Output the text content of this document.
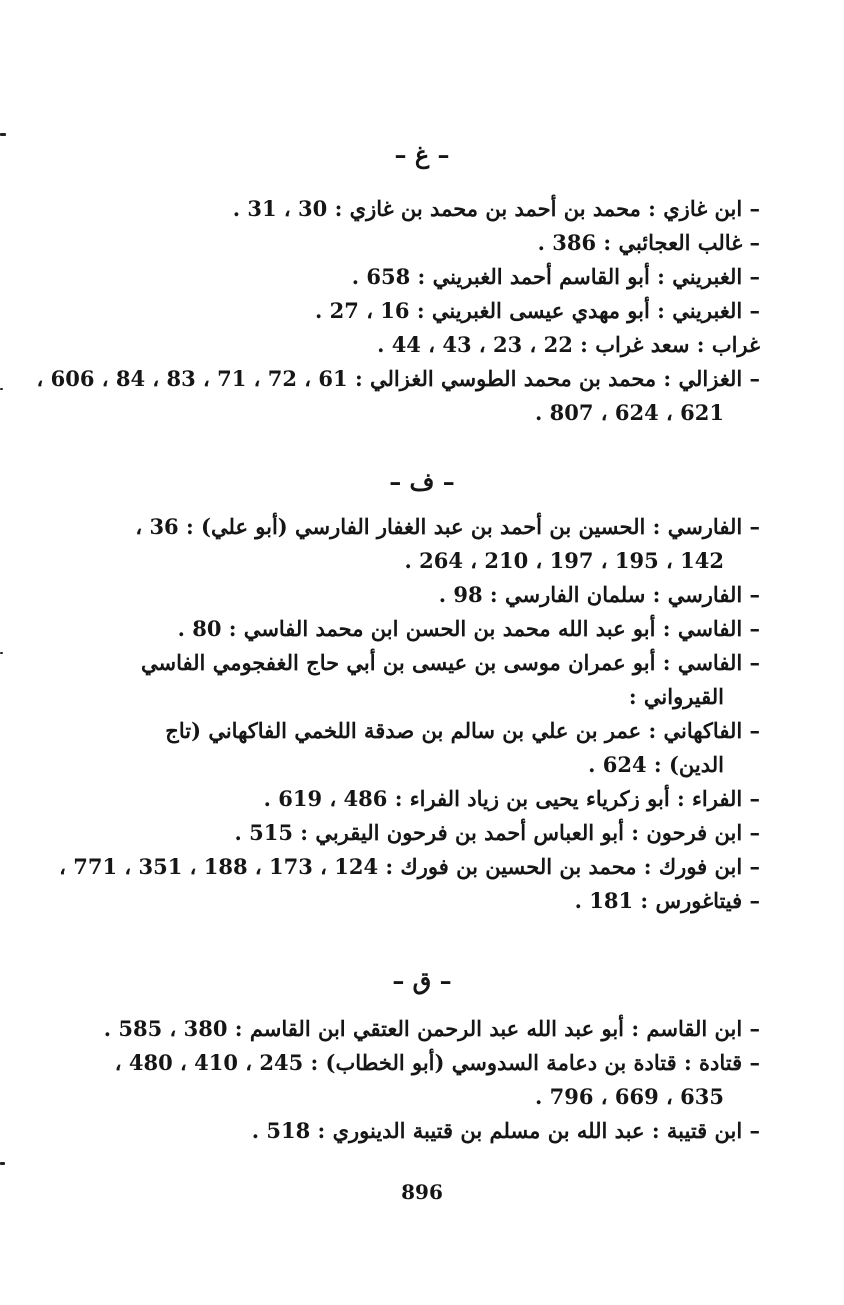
– غ –
– ابن غازي : محمد بن أحمد بن محمد بن غازي : 30 ، 31 .
– غالب العجائبي : 386 .
– الغبريني : أبو القاسم أحمد الغبريني : 658 .
– الغبريني : أبو مهدي عيسى الغبريني : 16 ، 27 .
غراب : سعد غراب : 22 ، 23 ، 43 ، 44 .
– الغزالي : محمد بن محمد الطوسي الغزالي : 61 ، 72 ، 71 ، 83 ، 84 ، 606 ،
621 ، 624 ، 807 .
– ف –
– الفارسي : الحسين بن أحمد بن عبد الغفار الفارسي (أبو علي) : 36 ،
142 ، 195 ، 197 ، 210 ، 264 .
– الفارسي : سلمان الفارسي : 98 .
– الفاسي : أبو عبد الله محمد بن الحسن ابن محمد الفاسي : 80 .
– الفاسي : أبو عمران موسى بن عيسى بن أبي حاج الغفجومي الفاسي
القيرواني :
– الفاكهاني : عمر بن علي بن سالم بن صدقة اللخمي الفاكهاني (تاج
الدين) : 624 .
– الفراء : أبو زكرياء يحيى بن زياد الفراء : 486 ، 619 .
– ابن فرحون : أبو العباس أحمد بن فرحون اليقربي : 515 .
– ابن فورك : محمد بن الحسين بن فورك : 124 ، 173 ، 188 ، 351 ، 771 ،
– فيتاغورس : 181 .
– ق –
– ابن القاسم : أبو عبد الله عبد الرحمن العتقي ابن القاسم : 380 ، 585 .
– قتادة : قتادة بن دعامة السدوسي (أبو الخطاب) : 245 ، 410 ، 480 ،
635 ، 669 ، 796 .
– ابن قتيبة : عبد الله بن مسلم بن قتيبة الدينوري : 518 .
896
